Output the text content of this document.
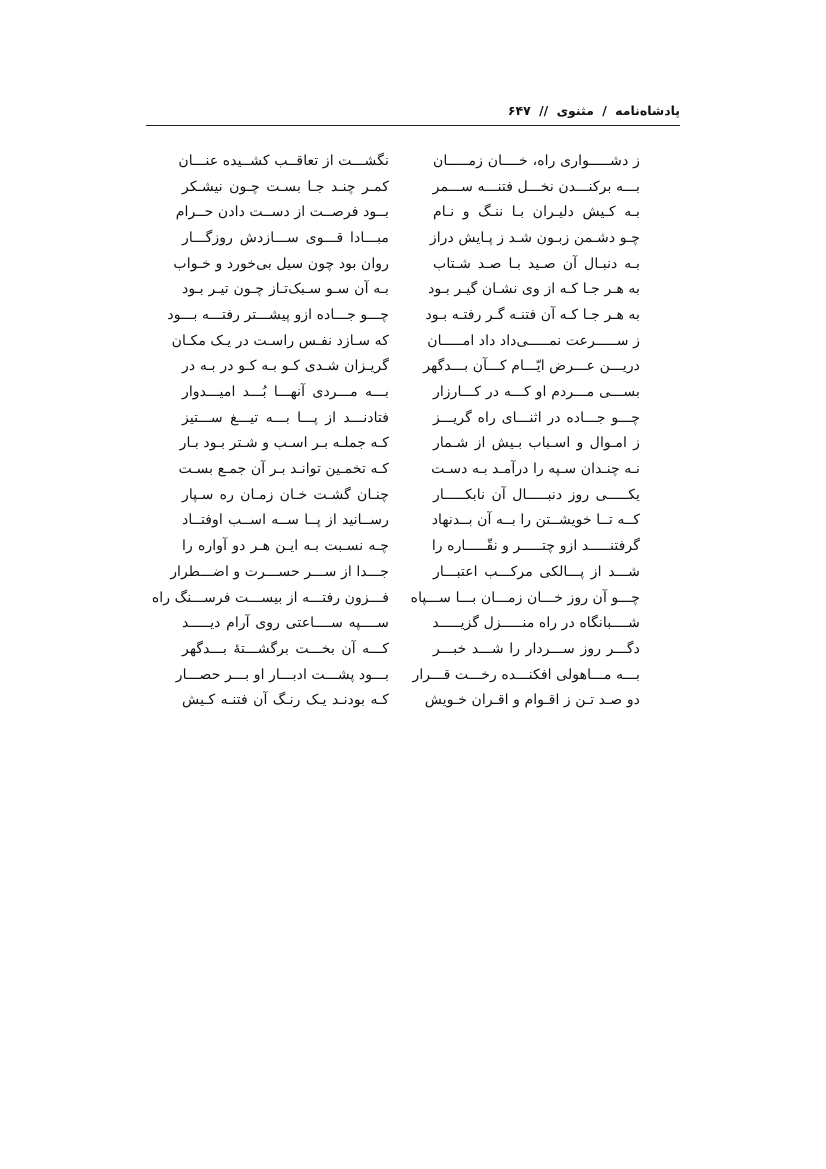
پادشاه‌نامه / مثنوی // ۶۴۷
ز دشـــــواری راه، خــــان زمـــــان
نگشـــت از تعاقــب کشــیده عنـــان
بـــه برکنـــدن نخـــل فتنـــه ســـمر
کمـر چنـد جـا بسـت چـون نیشـکر
بـه کـیش دلیـران بـا ننـگ و نـام
بــود فرصــت از دســت دادن حــرام
چـو دشـمن زبـون شـد ز پـایش دراز
مبـــادا قـــوی ســـازدش روزگـــار
بـه دنبـال آن صـید بـا صـد شـتاب
روان بود چون سیل بی‌خورد و خـواب
به هـر جـا کـه از وی نشـان گیـر بـود
بـه آن سـو سـبک‌تـاز چـون تیـر بـود
به هـر جـا کـه آن فتنـه گـر رفتـه بـود
چـــو جـــاده ازو پیشـــتر رفتـــه بـــود
ز ســـــرعت نمـــــی‌داد داد امـــــان
که سـازد نفـس راسـت در یـک مکـان
دریـــن عـــرض ایّـــام کـــآن بـــدگهر
گریـزان شـدی کـو بـه کـو در بـه در
بســـی مـــردم او کـــه در کـــارزار
بـــه مـــردی آنهـــا بُـــد امیـــدوار
چـــو جـــاده در اثنـــای راه گریـــز
فتادنـــد از پـــا بـــه تیـــغ ســـتیز
ز امـوال و اسـباب بـیش از شـمار
کـه جملـه بـر اسـب و شـتر بـود بـار
نـه چنـدان سـپه را درآمـد بـه دسـت
کـه تخمـین توانـد بـر آن جمـع بسـت
یکـــــی روز دنبـــــال آن نابکـــــار
چنـان گشـت خـان زمـان ره سـپار
کــه تــا خویشــتن را بــه آن بــدنهاد
رســانید از پــا ســه اســب اوفتــاد
گرفتنـــــد ازو چتـــــر و نقّـــــاره را
چـه نسـبت بـه ایـن هـر دو آواره را
شـــد از پـــالکی مرکـــب اعتبـــار
جـــدا از ســـر حســـرت و اضـــطرار
چـــو آن روز خـــان زمـــان بـــا ســـپاه
فـــزون رفتـــه از بیســـت فرســـنگ راه
شــــبانگاه در راه منـــــزل گزیـــــد
ســــپه ســــاعتی روی آرام دیـــــد
دگـــر روز ســـردار را شـــد خبـــر
کـــه آن بخـــت برگشـــتۀ بـــدگهر
بـــه مـــاهولی افکنـــده رخـــت قـــرار
بـــود پشـــت ادبـــار او بـــر حصـــار
دو صـد تـن ز اقـوام و اقـران خـویش
کـه بودنـد یـک رنـگ آن فتنـه کـیش
